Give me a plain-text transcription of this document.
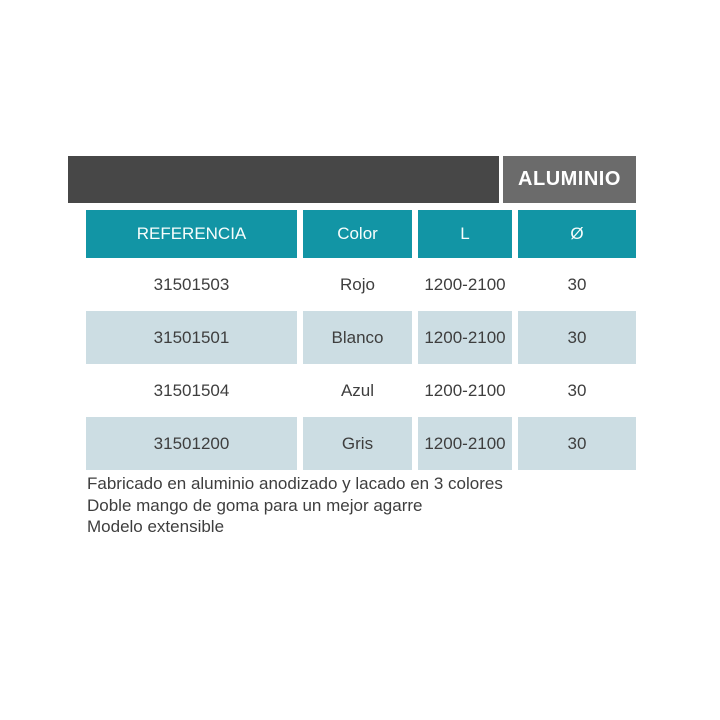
ALUMINIO
REFERENCIA	Color	L	Ø
31501503	Rojo	1200-2100	30
31501501	Blanco	1200-2100	30
31501504	Azul	1200-2100	30
31501200	Gris	1200-2100	30
Fabricado en aluminio anodizado y lacado en 3 colores
Doble mango de goma para un mejor agarre
Modelo extensible
